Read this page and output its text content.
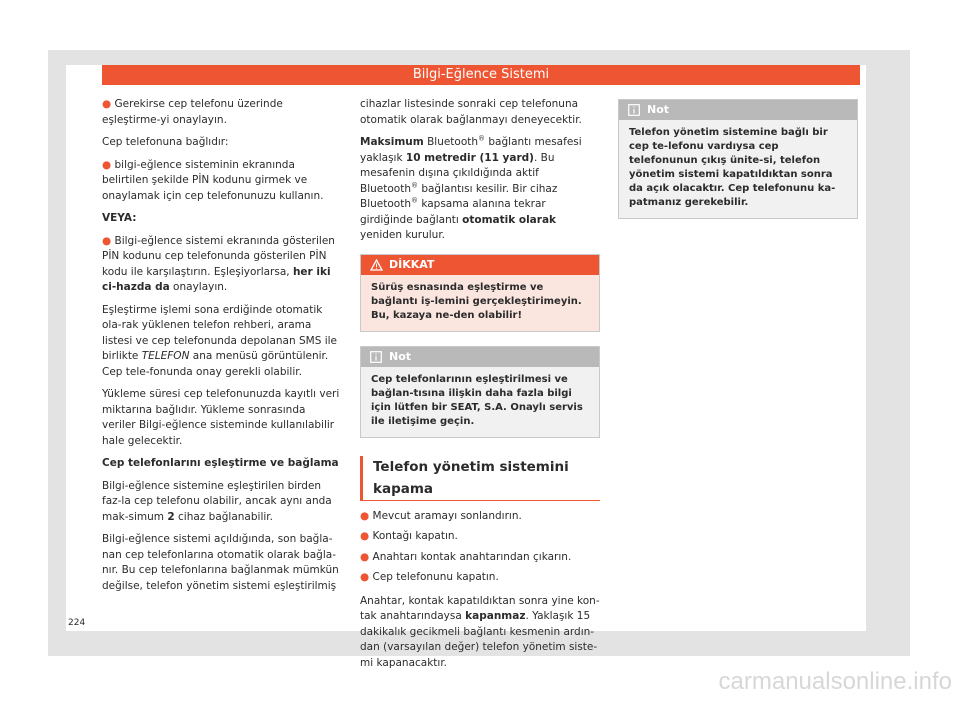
Bilgi-Eğlence Sistemi

● Gerekirse cep telefonu üzerinde eşleştirme-yi onaylayın.

Cep telefonuna bağlıdır:

● bilgi-eğlence sisteminin ekranında belirtilen şekilde PİN kodunu girmek ve onaylamak için cep telefonunuzu kullanın.

VEYA:

● Bilgi-eğlence sistemi ekranında gösterilen PİN kodunu cep telefonunda gösterilen PİN kodu ile karşılaştırın. Eşleşiyorlarsa, her iki ci-hazda da onaylayın.

Eşleştirme işlemi sona erdiğinde otomatik ola-rak yüklenen telefon rehberi, arama listesi ve cep telefonunda depolanan SMS ile birlikte TELEFON ana menüsü görüntülenir. Cep tele-fonunda onay gerekli olabilir.

Yükleme süresi cep telefonunuzda kayıtlı veri miktarına bağlıdır. Yükleme sonrasında veriler Bilgi-eğlence sisteminde kullanılabilir hale gelecektir.

Cep telefonlarını eşleştirme ve bağlama

Bilgi-eğlence sistemine eşleştirilen birden faz-la cep telefonu olabilir, ancak aynı anda mak-simum 2 cihaz bağlanabilir.

Bilgi-eğlence sistemi açıldığında, son bağla-nan cep telefonlarına otomatik olarak bağla-nır. Bu cep telefonlarına bağlanmak mümkün değilse, telefon yönetim sistemi eşleştirilmiş

cihazlar listesinde sonraki cep telefonuna otomatik olarak bağlanmayı deneyecektir.

Maksimum Bluetooth® bağlantı mesafesi yaklaşık 10 metredir (11 yard). Bu mesafenin dışına çıkıldığında aktif Bluetooth® bağlantısı kesilir. Bir cihaz Bluetooth® kapsama alanına tekrar girdiğinde bağlantı otomatik olarak yeniden kurulur.

DİKKAT
Sürüş esnasında eşleştirme ve bağlantı iş-lemini gerçekleştirimeyin. Bu, kazaya ne-den olabilir!
Not
Cep telefonlarının eşleştirilmesi ve bağlan-tısına ilişkin daha fazla bilgi için lütfen bir SEAT, S.A. Onaylı servis ile iletişime geçin.
Telefon yönetim sistemini kapama

● Mevcut aramayı sonlandırın.

● Kontağı kapatın.

● Anahtarı kontak anahtarından çıkarın.

● Cep telefonunu kapatın.

Anahtar, kontak kapatıldıktan sonra yine kon-tak anahtarındaysa kapanmaz. Yaklaşık 15 dakikalık gecikmeli bağlantı kesmenin ardın-dan (varsayılan değer) telefon yönetim siste-mi kapanacaktır.

Not
Telefon yönetim sistemine bağlı bir cep te-lefonu vardıysa cep telefonunun çıkış ünite-si, telefon yönetim sistemi kapatıldıktan sonra da açık olacaktır. Cep telefonunu ka-patmanız gerekebilir.
224
carmanualsonline.info
